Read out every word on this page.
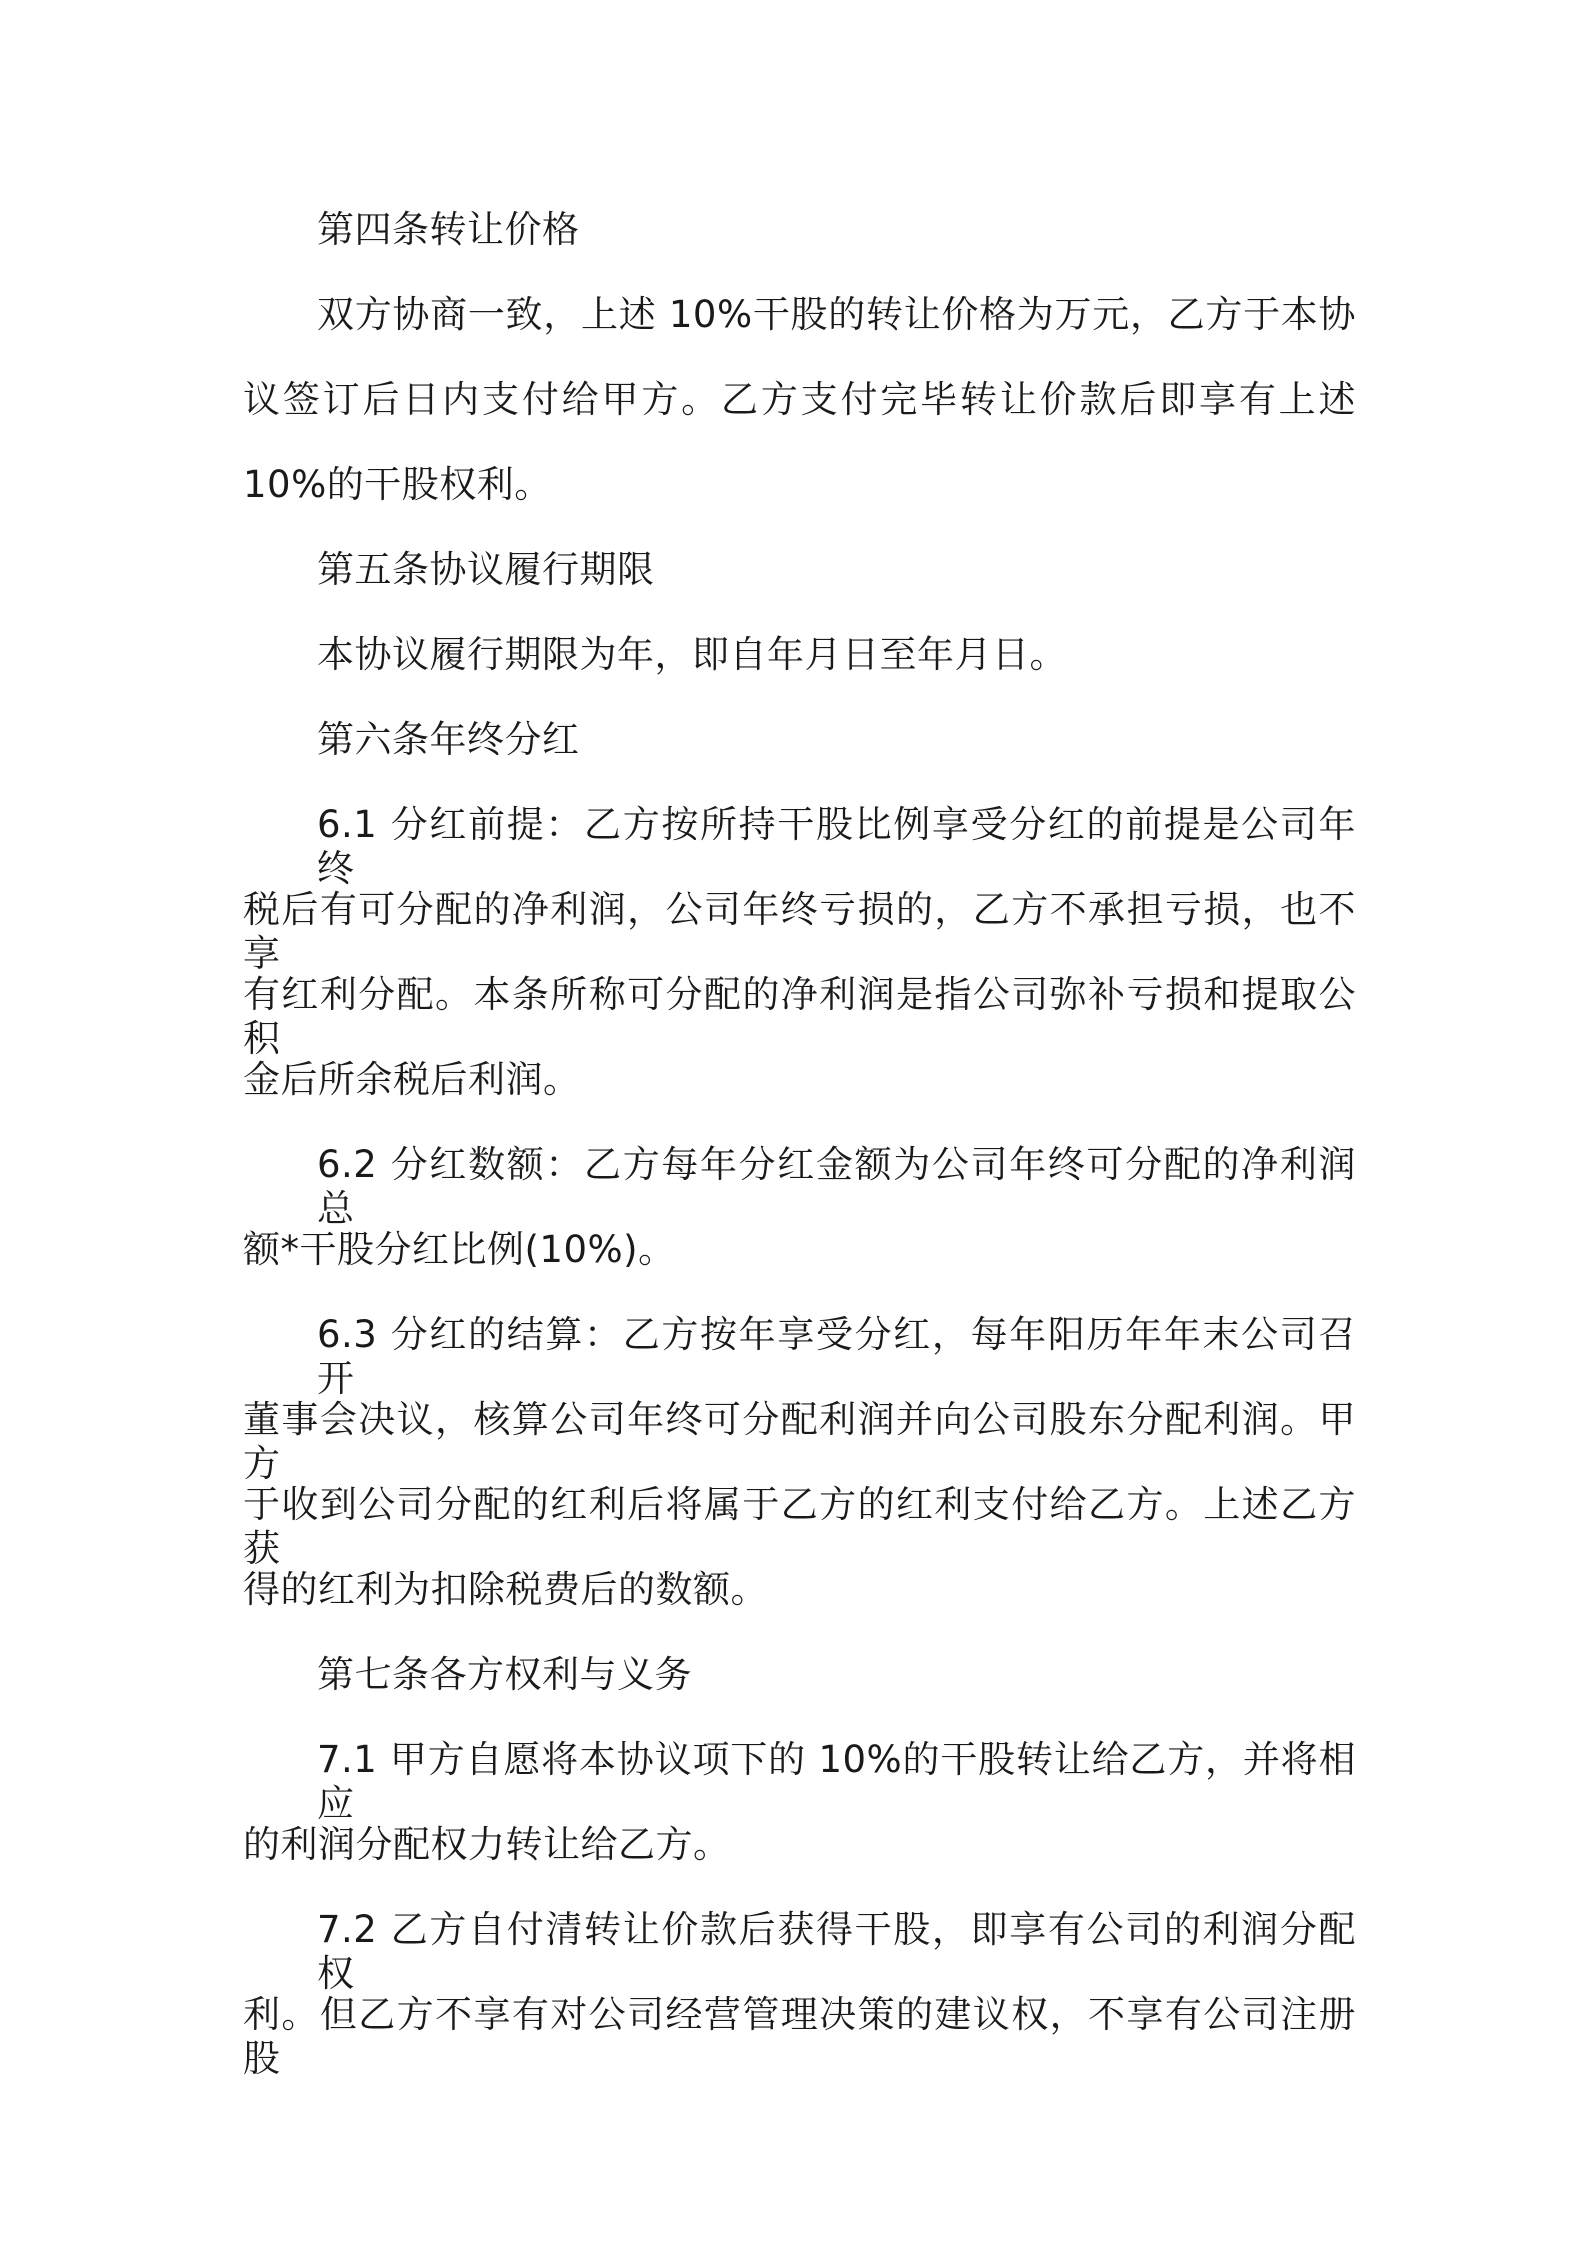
第四条转让价格
双方协商一致，上述 10%干股的转让价格为万元，乙方于本协
议签订后日内支付给甲方。乙方支付完毕转让价款后即享有上述
10%的干股权利。
第五条协议履行期限
本协议履行期限为年，即自年月日至年月日。
第六条年终分红
6.1 分红前提：乙方按所持干股比例享受分红的前提是公司年终
税后有可分配的净利润，公司年终亏损的，乙方不承担亏损，也不享
有红利分配。本条所称可分配的净利润是指公司弥补亏损和提取公积
金后所余税后利润。
6.2 分红数额：乙方每年分红金额为公司年终可分配的净利润总
额*干股分红比例(10%)。
6.3 分红的结算：乙方按年享受分红，每年阳历年年末公司召开
董事会决议，核算公司年终可分配利润并向公司股东分配利润。甲方
于收到公司分配的红利后将属于乙方的红利支付给乙方。上述乙方获
得的红利为扣除税费后的数额。
第七条各方权利与义务
7.1 甲方自愿将本协议项下的 10%的干股转让给乙方，并将相应
的利润分配权力转让给乙方。
7.2 乙方自付清转让价款后获得干股，即享有公司的利润分配权
利。但乙方不享有对公司经营管理决策的建议权，不享有公司注册股
